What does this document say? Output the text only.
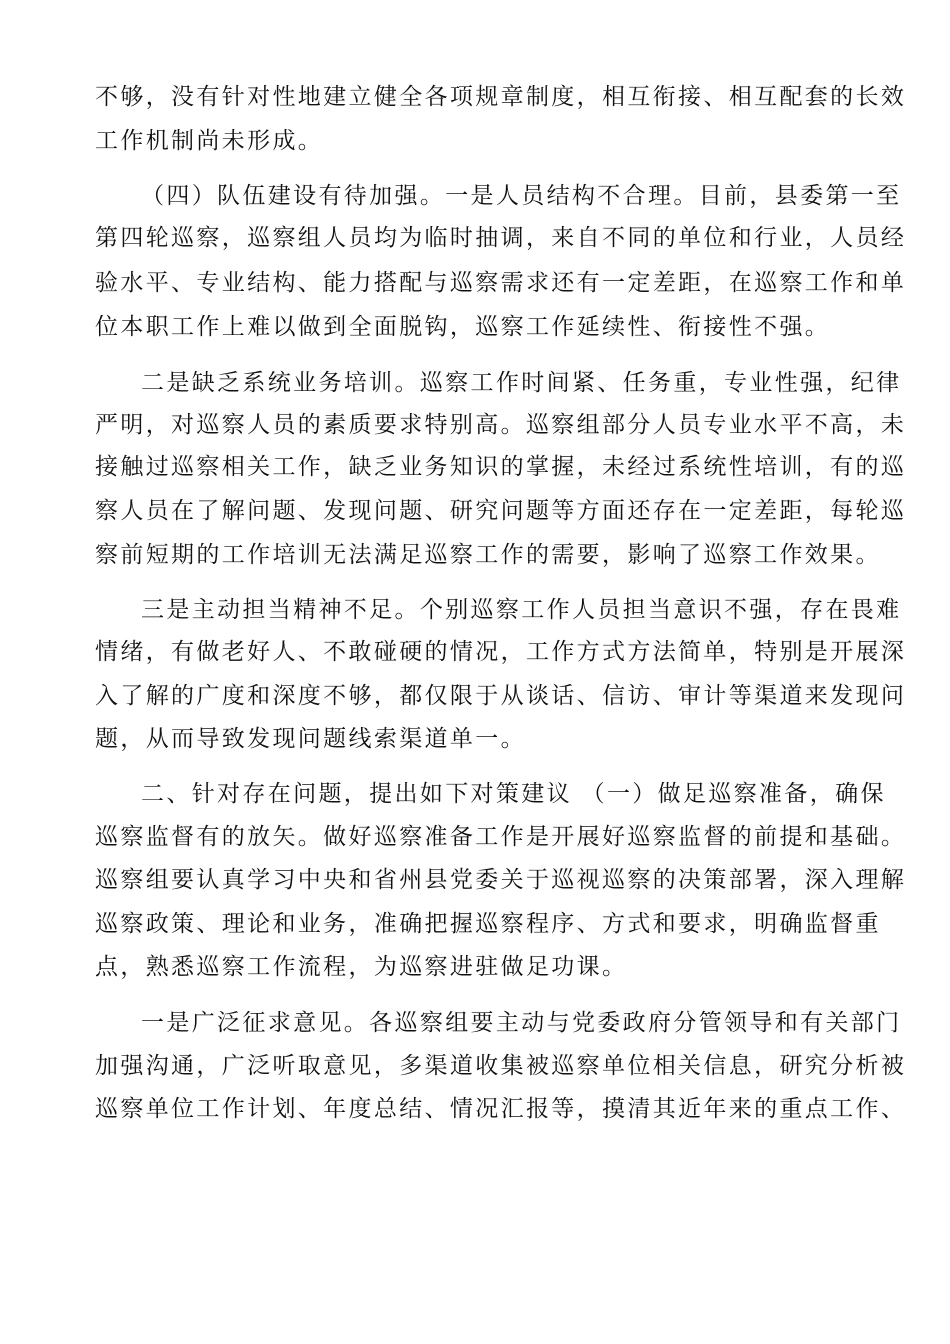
不够，没有针对性地建立健全各项规章制度，相互衔接、相互配套的长效
工作机制尚未形成。
（四）队伍建设有待加强。一是人员结构不合理。目前，县委第一至
第四轮巡察，巡察组人员均为临时抽调，来自不同的单位和行业，人员经
验水平、专业结构、能力搭配与巡察需求还有一定差距，在巡察工作和单
位本职工作上难以做到全面脱钩，巡察工作延续性、衔接性不强。
二是缺乏系统业务培训。巡察工作时间紧、任务重，专业性强，纪律
严明，对巡察人员的素质要求特别高。巡察组部分人员专业水平不高，未
接触过巡察相关工作，缺乏业务知识的掌握，未经过系统性培训，有的巡
察人员在了解问题、发现问题、研究问题等方面还存在一定差距，每轮巡
察前短期的工作培训无法满足巡察工作的需要，影响了巡察工作效果。
三是主动担当精神不足。个别巡察工作人员担当意识不强，存在畏难
情绪，有做老好人、不敢碰硬的情况，工作方式方法简单，特别是开展深
入了解的广度和深度不够，都仅限于从谈话、信访、审计等渠道来发现问
题，从而导致发现问题线索渠道单一。
二、针对存在问题，提出如下对策建议 （一）做足巡察准备，确保
巡察监督有的放矢。做好巡察准备工作是开展好巡察监督的前提和基础。
巡察组要认真学习中央和省州县党委关于巡视巡察的决策部署，深入理解
巡察政策、理论和业务，准确把握巡察程序、方式和要求，明确监督重
点，熟悉巡察工作流程，为巡察进驻做足功课。
一是广泛征求意见。各巡察组要主动与党委政府分管领导和有关部门
加强沟通，广泛听取意见，多渠道收集被巡察单位相关信息，研究分析被
巡察单位工作计划、年度总结、情况汇报等，摸清其近年来的重点工作、
